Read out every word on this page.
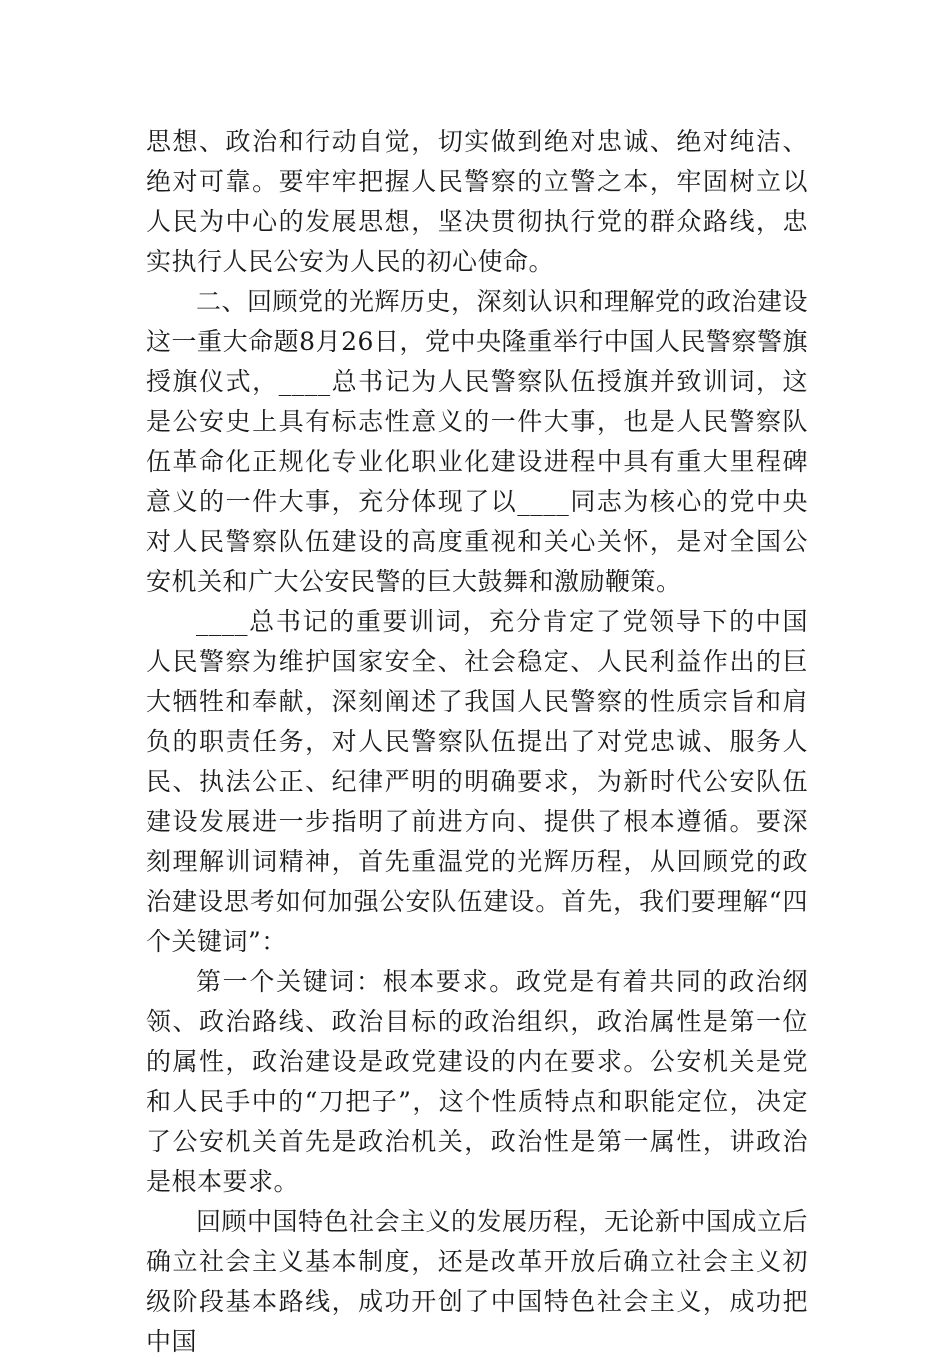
思想、政治和行动自觉，切实做到绝对忠诚、绝对纯洁、绝对可靠。要牢牢把握人民警察的立警之本，牢固树立以人民为中心的发展思想，坚决贯彻执行党的群众路线，忠实执行人民公安为人民的初心使命。

二、回顾党的光辉历史，深刻认识和理解党的政治建设这一重大命题8月26日，党中央隆重举行中国人民警察警旗授旗仪式，____总书记为人民警察队伍授旗并致训词，这是公安史上具有标志性意义的一件大事，也是人民警察队伍革命化正规化专业化职业化建设进程中具有重大里程碑意义的一件大事，充分体现了以____同志为核心的党中央对人民警察队伍建设的高度重视和关心关怀，是对全国公安机关和广大公安民警的巨大鼓舞和激励鞭策。

____总书记的重要训词，充分肯定了党领导下的中国人民警察为维护国家安全、社会稳定、人民利益作出的巨大牺牲和奉献，深刻阐述了我国人民警察的性质宗旨和肩负的职责任务，对人民警察队伍提出了对党忠诚、服务人民、执法公正、纪律严明的明确要求，为新时代公安队伍建设发展进一步指明了前进方向、提供了根本遵循。要深刻理解训词精神，首先重温党的光辉历程，从回顾党的政治建设思考如何加强公安队伍建设。首先，我们要理解“四个关键词”：

第一个关键词：根本要求。政党是有着共同的政治纲领、政治路线、政治目标的政治组织，政治属性是第一位的属性，政治建设是政党建设的内在要求。公安机关是党和人民手中的“刀把子”，这个性质特点和职能定位，决定了公安机关首先是政治机关，政治性是第一属性，讲政治是根本要求。

回顾中国特色社会主义的发展历程，无论新中国成立后确立社会主义基本制度，还是改革开放后确立社会主义初级阶段基本路线，成功开创了中国特色社会主义，成功把中国
